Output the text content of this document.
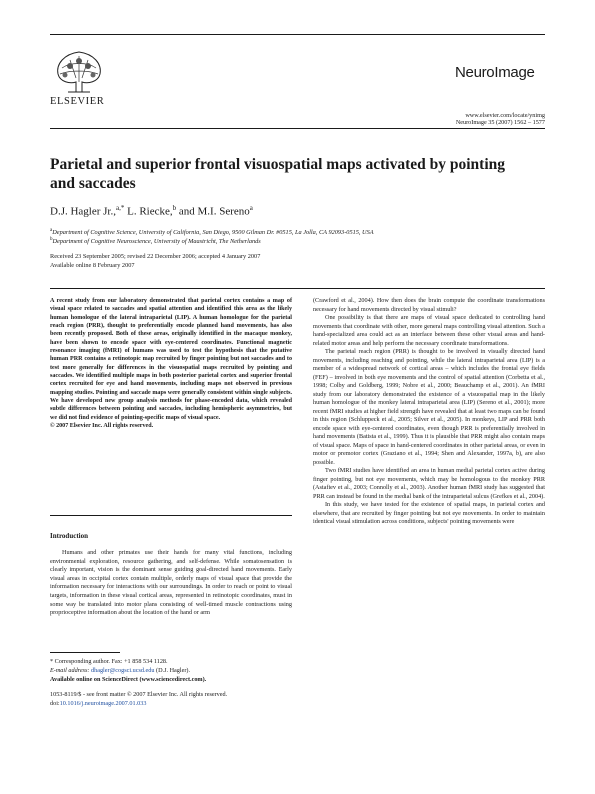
ELSEVIER
NeuroImage
www.elsevier.com/locate/ynimg
NeuroImage 35 (2007) 1562 – 1577
Parietal and superior frontal visuospatial maps activated by pointing and saccades
D.J. Hagler Jr.,$^{a,*}$ L. Riecke,$^b$ and M.I. Sereno$^a$
$^a$Department of Cognitive Science, University of California, San Diego, 9500 Gilman Dr. #0515, La Jolla, CA 92093-0515, USA
$^b$Department of Cognitive Neuroscience, University of Maastricht, The Netherlands
Received 23 September 2005; revised 22 December 2006; accepted 4 January 2007
Available online 8 February 2007
A recent study from our laboratory demonstrated that parietal cortex contains a map of visual space related to saccades and spatial attention and identified this area as the likely human homologue of the lateral intraparietal (LIP). A human homologue for the parietal reach region (PRR), thought to preferentially encode planned hand movements, has also been recently proposed. Both of these areas, originally identified in the macaque monkey, have been shown to encode space with eye-centered coordinates. Functional magnetic resonance imaging (fMRI) of humans was used to test the hypothesis that the putative human PRR contains a retinotopic map recruited by finger pointing but not saccades and to test more generally for differences in the visuospatial maps recruited by pointing and saccades. We identified multiple maps in both posterior parietal cortex and superior frontal cortex recruited for eye and hand movements, including maps not observed in previous mapping studies. Pointing and saccade maps were generally consistent within single subjects. We have developed new group analysis methods for phase-encoded data, which revealed subtle differences between pointing and saccades, including hemispheric asymmetries, but we did not find evidence of pointing-specific maps of visual space.
© 2007 Elsevier Inc. All rights reserved.
Introduction

Humans and other primates use their hands for many vital functions, including environmental exploration, resource gathering, and self-defense. While somatosensation is clearly important, vision is the dominant sense guiding goal-directed hand movements. Early visual areas in occipital cortex contain multiple, orderly maps of visual space that provide the information necessary for interactions with our surroundings. In order to reach or point to visual targets, information in these visual cortical areas, represented in retinotopic coordinates, must in some way be translated into motor plans consisting of well-timed muscle contractions using proprioceptive information about the location of the hand or arm

* Corresponding author. Fax: +1 858 534 1128.
E-mail address: dhagler@cogsci.ucsd.edu (D.J. Hagler).
Available online on ScienceDirect (www.sciencedirect.com).
1053-8119/$ - see front matter © 2007 Elsevier Inc. All rights reserved.
doi:10.1016/j.neuroimage.2007.01.033

(Crawford et al., 2004). How then does the brain compute the coordinate transformations necessary for hand movements directed by visual stimuli?

One possibility is that there are maps of visual space dedicated to controlling hand movements that coordinate with other, more general maps controlling visual attention. Such a hand-specialized area could act as an interface between these other visual areas and hand-related motor areas and help perform the necessary coordinate transformations.

The parietal reach region (PRR) is thought to be involved in visually directed hand movements, including reaching and pointing, while the lateral intraparietal area (LIP) is a member of a widespread network of cortical areas – which includes the frontal eye fields (FEF) – involved in both eye movements and the control of spatial attention (Corbetta et al., 1998; Colby and Goldberg, 1999; Nobre et al., 2000; Beauchamp et al., 2001). An fMRI study from our laboratory demonstrated the existence of a visuospatial map in the likely human homologue of the monkey lateral intraparietal area (LIP) (Sereno et al., 2001); more recent fMRI studies at higher field strength have revealed that at least two maps can be found in this region (Schluppeck et al., 2005; Silver et al., 2005). In monkeys, LIP and PRR both encode space with eye-centered coordinates, even though PRR is preferentially involved in hand movements (Batista et al., 1999). Thus it is plausible that PRR might also contain maps of visual space. Maps of space in hand-centered coordinates in other parietal areas, or even in motor or premotor cortex (Graziano et al., 1994; Shen and Alexander, 1997a, b), are also possible.

Two fMRI studies have identified an area in human medial parietal cortex active during finger pointing, but not eye movements, which may be homologous to the monkey PRR (Astafiev et al., 2003; Connolly et al., 2003). Another human fMRI study has suggested that PRR can instead be found in the medial bank of the intraparietal sulcus (Grefkes et al., 2004).

In this study, we have tested for the existence of spatial maps, in parietal cortex and elsewhere, that are recruited by finger pointing but not eye movements. In order to maintain identical visual stimulation across conditions, subjects' pointing movements were
